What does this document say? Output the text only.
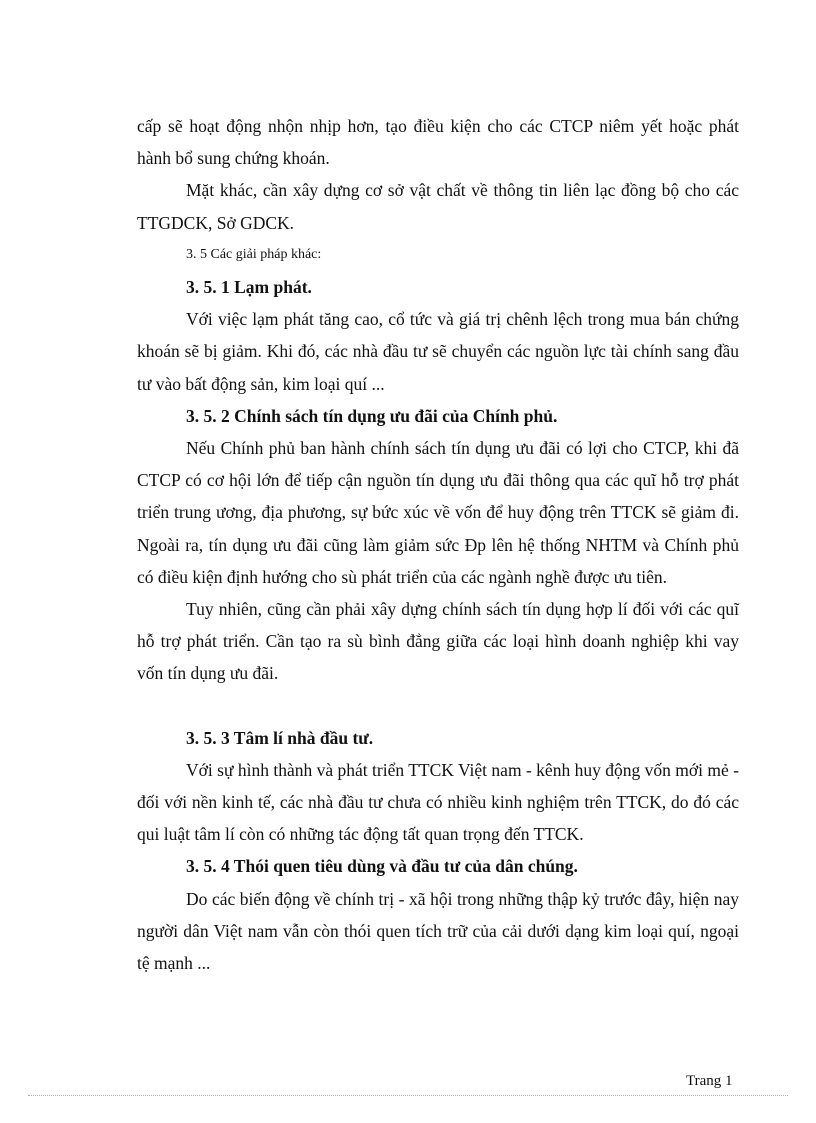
cấp sẽ hoạt động nhộn nhịp hơn, tạo điều kiện cho các CTCP niêm yết hoặc phát hành bổ sung chứng khoán.

Mặt khác, cần xây dựng cơ sở vật chất về thông tin liên lạc đồng bộ cho các TTGDCK, Sở GDCK.

3. 5 Các giải pháp khác:

3. 5. 1 Lạm phát.

Với việc lạm phát tăng cao, cổ tức và giá trị chênh lệch trong mua bán chứng khoán sẽ bị giảm. Khi đó, các nhà đầu tư sẽ chuyển các nguồn lực tài chính sang đầu tư vào bất động sản, kim loại quí ...

3. 5. 2 Chính sách tín dụng ưu đãi của Chính phủ.

Nếu Chính phủ ban hành chính sách tín dụng ưu đãi có lợi cho CTCP, khi đã CTCP có cơ hội lớn để tiếp cận nguồn tín dụng ưu đãi thông qua các quĩ hỗ trợ phát triển trung ương, địa phương, sự bức xúc về vốn để huy động trên TTCK sẽ giảm đi. Ngoài ra, tín dụng ưu đãi cũng làm giảm sức Ðp lên hệ thống NHTM và Chính phủ có điều kiện định hướng cho sù phát triển của các ngành nghề được ưu tiên.

Tuy nhiên, cũng cần phải xây dựng chính sách tín dụng hợp lí đối với các quĩ hỗ trợ phát triển. Cần tạo ra sù bình đẳng giữa các loại hình doanh nghiệp khi vay vốn tín dụng ưu đãi.

3. 5. 3 Tâm lí nhà đầu tư.

Với sự hình thành và phát triển TTCK Việt nam - kênh huy động vốn mới mẻ - đối với nền kinh tế, các nhà đầu tư chưa có nhiều kinh nghiệm trên TTCK, do đó các qui luật tâm lí còn có những tác động tất quan trọng đến TTCK.

3. 5. 4 Thói quen tiêu dùng và đầu tư của dân chúng.

Do các biến động về chính trị - xã hội trong những thập kỷ trước đây, hiện nay người dân Việt nam vẫn còn thói quen tích trữ của cải dưới dạng kim loại quí, ngoại tệ mạnh ...

Trang 1
